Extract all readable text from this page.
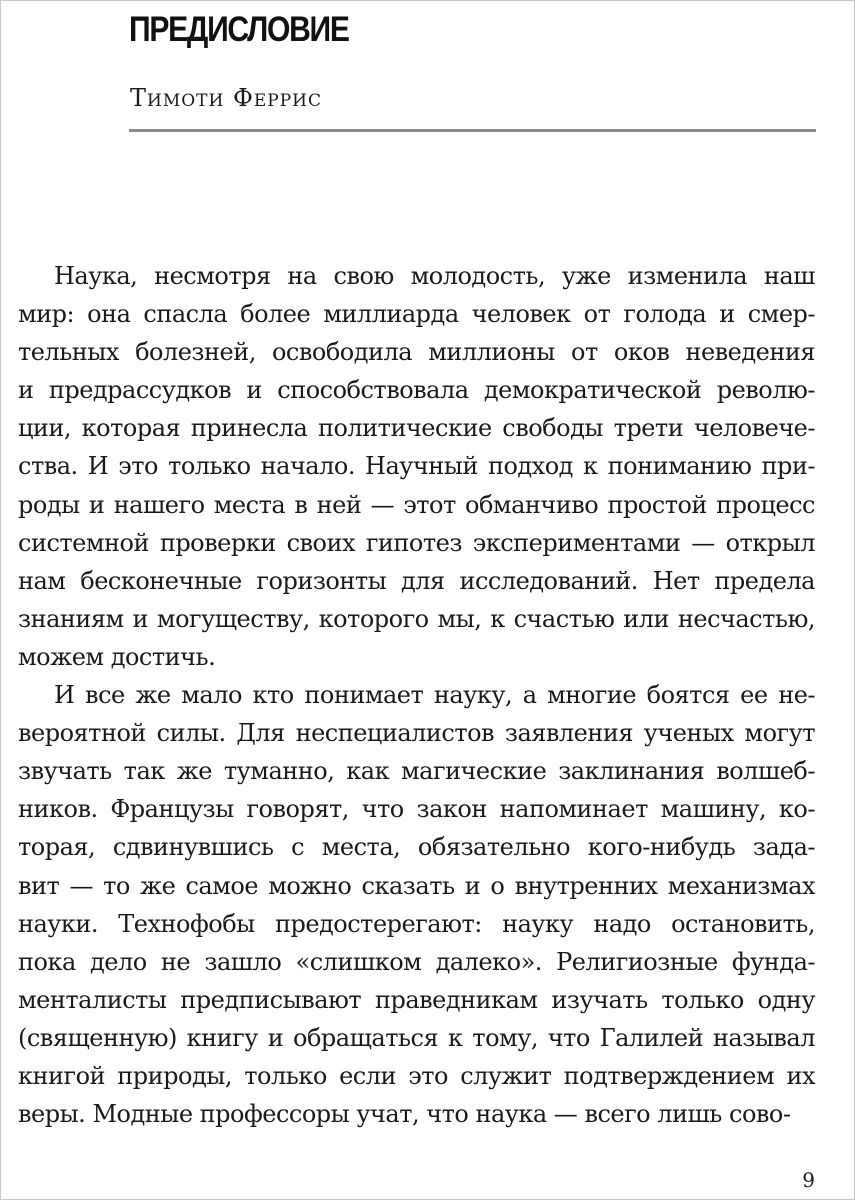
ПРЕДИСЛОВИЕ

Тимоти Феррис

Наука, несмотря на свою молодость, уже изменила наш
мир: она спасла более миллиарда человек от голода и смер-
тельных болезней, освободила миллионы от оков неведения
и предрассудков и способствовала демократической револю-
ции, которая принесла политические свободы трети человече-
ства. И это только начало. Научный подход к пониманию при-
роды и нашего места в ней — этот обманчиво простой процесс
системной проверки своих гипотез экспериментами — открыл
нам бесконечные горизонты для исследований. Нет предела
знаниям и могуществу, которого мы, к счастью или несчастью,
можем достичь.
И все же мало кто понимает науку, а многие боятся ее не-
вероятной силы. Для неспециалистов заявления ученых могут
звучать так же туманно, как магические заклинания волшеб-
ников. Французы говорят, что закон напоминает машину, ко-
торая, сдвинувшись с места, обязательно кого-нибудь зада-
вит — то же самое можно сказать и о внутренних механизмах
науки. Технофобы предостерегают: науку надо остановить,
пока дело не зашло «слишком далеко». Религиозные фунда-
менталисты предписывают праведникам изучать только одну
(священную) книгу и обращаться к тому, что Галилей называл
книгой природы, только если это служит подтверждением их
веры. Модные профессоры учат, что наука — всего лишь сово-
9
